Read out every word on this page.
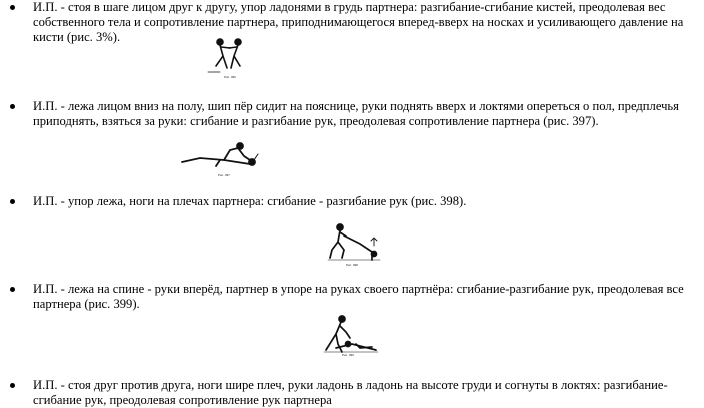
И.П. - стоя в шаге лицом друг к другу, упор ладонями в грудь партнера: разгибание-сгибание кистей, преодолевая вес собственного тела и сопротивление партнера, приподнимающегося вперед-вверх на носках и усиливающего давление на кисти (рис. 3%).

Рис. 396

И.П. - лежа лицом вниз на полу, шип пёр сидит на пояснице, руки поднять вверх и локтями опереться о пол, предплечья приподнять, взяться за руки: сгибание и разгибание рук, преодолевая сопротивление партнера (рис. 397).

Рис. 397

И.П. - упор лежа, ноги на плечах партнера: сгибание - разгибание рук (рис. 398).

Рис. 398

И.П. - лежа на спине - руки вперёд, партнер в упоре на руках своего партнёра: сгибание-разгибание рук, преодолевая все партнера (рис. 399).

Рис. 399

И.П. - стоя друг против друга, ноги шире плеч, руки ладонь в ладонь на высоте груди и согнуты в локтях: разгибание-сгибание рук, преодолевая сопротивление рук партнера
